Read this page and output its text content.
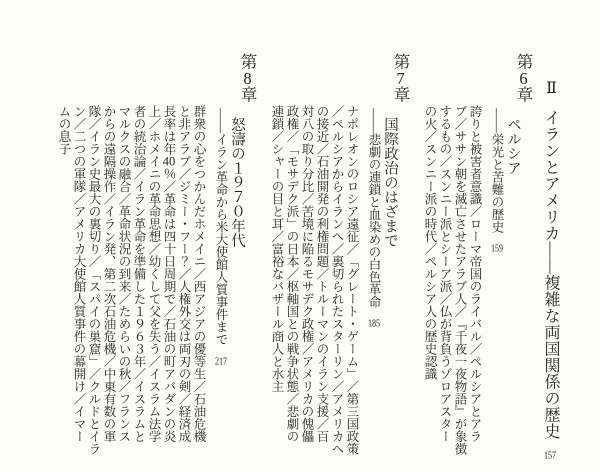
Ⅱイランとアメリカ――複雑な両国関係の歴史157
第6章
ペルシア
――栄光と苦難の歴史159
誇りと被害者意識／ローマ帝国のライバル／ペルシアとアラ
ブ／ササン朝を滅亡させたアラブ人／『千夜一夜物語』が象徴
するもの／スンニー派とシーア派／仏が背負うゾロアスター
の火／スンニー派の時代／ペルシア人の歴史認識
第7章
国際政治のはざまで
――悲劇の連鎖と血染めの白色革命185
ナポレオンのロシア遠征／「グレート・ゲーム」／第三国政策
／ペルシアからイランへ／裏切られたスターリン／アメリカへ
の接近／石油開発の利権問題／トルーマンのイラン支援／百
対八の取り分比／苦境に陥るモサデク政権／アメリカの傀儡
政権／「モサデク派」の日本／枢軸国との戦争状態／悲劇の
連鎖／シャーの目と耳／富裕なバザール商人と水主
第8章
怒濤の１９７０年代
――イラン革命から米大使館人質事件まで217
群衆の心をつかんだホメイニ／西アジアの優等生／石油危機
と非アラブ／ジミー・フー？／人権外交は両刃の剣／経済成
長率は年40％／革命は四十日周期で／石油の町アバダンの炎
上／ホメイニの革命思想／幼くして父を失う／イスラム法学
者の統治論／イラン革命を準備した１９６３年／イスラムと
マルクスの融合／革命状況の到来／ためらいの秋／フランス
からの遠隔操作／イラン発、第二次石油危機／中東有数の軍
隊／イラン史最大の裏切り／「スパイの巣窟」／クルドとイラ
ン／二つの軍隊／アメリカ大使館人質事件の幕開け／イマー
ムの息子
